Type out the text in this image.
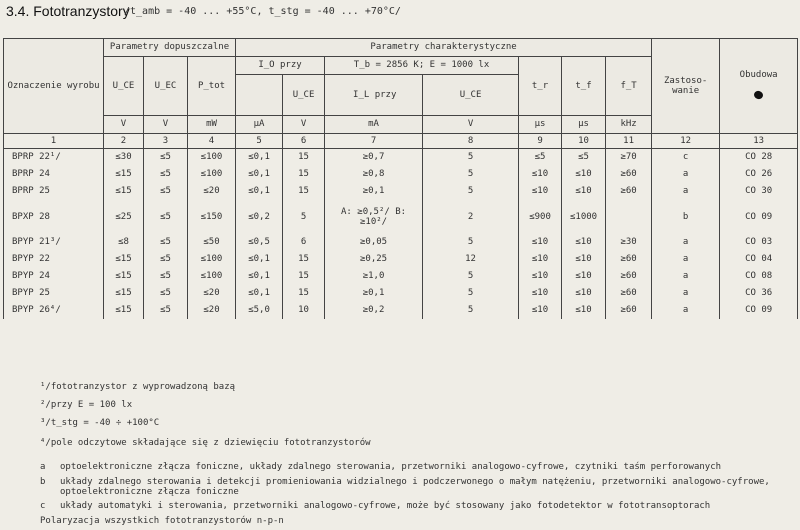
3.4. Fototranzystory
/t_amb = -40 ... +55°C, t_stg = -40 ... +70°C/
Oznaczenie wyrobu	Parametry dopuszczalne			Parametry charakterystyczne							Zastoso-wanie	Obudowa

	U_CE	U_EC	P_tot	I_O przy		T_b = 2856 K; E = 1000 lx		t_r	t_f	f_T		
					U_CE	I_L przy	U_CE					
	V	V	mW	µA	V	mA	V	µs	µs	kHz		
1	2	3	4	5	6	7	8	9	10	11	12	13
BPRP 22¹/	≤30	≤5	≤100	≤0,1	15	≥0,7	5	≤5	≤5	≥70	c	CO 28
BPRP 24	≤15	≤5	≤100	≤0,1	15	≥0,8	5	≤10	≤10	≥60	a	CO 26
BPRP 25	≤15	≤5	≤20	≤0,1	15	≥0,1	5	≤10	≤10	≥60	a	CO 30
BPXP 28	≤25	≤5	≤150	≤0,2	5	A: ≥0,5²/ B: ≥10²/	2	≤900	≤1000		b	CO 09
BPYP 21³/	≤8	≤5	≤50	≤0,5	6	≥0,05	5	≤10	≤10	≥30	a	CO 03
BPYP 22	≤15	≤5	≤100	≤0,1	15	≥0,25	12	≤10	≤10	≥60	a	CO 04
BPYP 24	≤15	≤5	≤100	≤0,1	15	≥1,0	5	≤10	≤10	≥60	a	CO 08
BPYP 25	≤15	≤5	≤20	≤0,1	15	≥0,1	5	≤10	≤10	≥60	a	CO 36
BPYP 26⁴/	≤15	≤5	≤20	≤5,0	10	≥0,2	5	≤10	≤10	≥60	a	CO 09
¹/fototranzystor z wyprowadzoną bazą
²/przy E = 100 lx
³/t_stg = -40 ÷ +100°C
⁴/pole odczytowe składające się z dziewięciu fototranzystorów
a optoelektroniczne złącza foniczne, układy zdalnego sterowania, przetworniki analogowo-cyfrowe, czytniki taśm perforowanych
b układy zdalnego sterowania i detekcji promieniowania widzialnego i podczerwonego o małym natężeniu, przetworniki analogowo-cyfrowe, optoelektroniczne złącza foniczne
c układy automatyki i sterowania, przetworniki analogowo-cyfrowe, może być stosowany jako fotodetektor w fototransoptorach
Polaryzacja wszystkich fototranzystorów n-p-n
